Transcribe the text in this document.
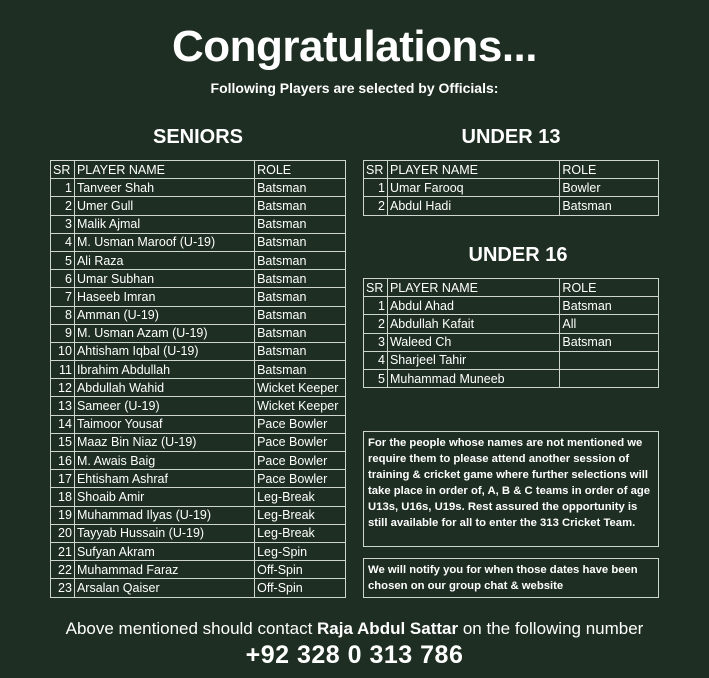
Congratulations...
Following Players are selected by Officials:
SENIORS
SR	PLAYER NAME	ROLE
1	Tanveer Shah	Batsman
2	Umer Gull	Batsman
3	Malik Ajmal	Batsman
4	M. Usman Maroof (U-19)	Batsman
5	Ali Raza	Batsman
6	Umar Subhan	Batsman
7	Haseeb Imran	Batsman
8	Amman (U-19)	Batsman
9	M. Usman Azam (U-19)	Batsman
10	Ahtisham Iqbal (U-19)	Batsman
11	Ibrahim Abdullah	Batsman
12	Abdullah Wahid	Wicket Keeper
13	Sameer (U-19)	Wicket Keeper
14	Taimoor Yousaf	Pace Bowler
15	Maaz Bin Niaz (U-19)	Pace Bowler
16	M. Awais Baig	Pace Bowler
17	Ehtisham Ashraf	Pace Bowler
18	Shoaib Amir	Leg-Break
19	Muhammad Ilyas (U-19)	Leg-Break
20	Tayyab Hussain (U-19)	Leg-Break
21	Sufyan Akram	Leg-Spin
22	Muhammad Faraz	Off-Spin
23	Arsalan Qaiser	Off-Spin
UNDER 13
SR	PLAYER NAME	ROLE
1	Umar Farooq	Bowler
2	Abdul Hadi	Batsman
UNDER 16
SR	PLAYER NAME	ROLE
1	Abdul Ahad	Batsman
2	Abdullah Kafait	All
3	Waleed Ch	Batsman
4	Sharjeel Tahir	
5	Muhammad Muneeb	
For the people whose names are not mentioned we require them to please attend another session of training & cricket game where further selections will take place in order of, A, B & C teams in order of age U13s, U16s, U19s. Rest assured the opportunity is still available for all to enter the 313 Cricket Team.
We will notify you for when those dates have been chosen on our group chat & website
Above mentioned should contact Raja Abdul Sattar on the following number
+92 328 0 313 786
